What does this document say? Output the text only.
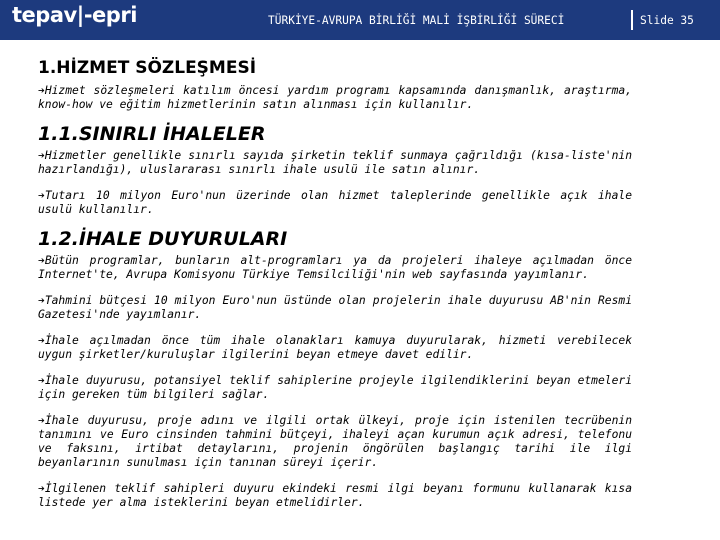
tepav|-epri	TÜRKİYE-AVRUPA BİRLİĞİ MALİ İŞBİRLİĞİ SÜRECİ	Slide 35
1.HİZMET SÖZLEŞMESİ

➔Hizmet sözleşmeleri katılım öncesi yardım programı kapsamında danışmanlık, araştırma, know-how ve eğitim hizmetlerinin satın alınması için kullanılır.

1.1.SINIRLI İHALELER

➔Hizmetler genellikle sınırlı sayıda şirketin teklif sunmaya çağrıldığı (kısa-liste'nin hazırlandığı), uluslararası sınırlı ihale usulü ile satın alınır.

➔Tutarı 10 milyon Euro'nun üzerinde olan hizmet taleplerinde genellikle açık ihale usulü kullanılır.

1.2.İHALE DUYURULARI

➔Bütün programlar, bunların alt-programları ya da projeleri ihaleye açılmadan önce Internet'te, Avrupa Komisyonu Türkiye Temsilciliği'nin web sayfasında yayımlanır.

➔Tahmini bütçesi 10 milyon Euro'nun üstünde olan projelerin ihale duyurusu AB'nin Resmi Gazetesi'nde yayımlanır.

➔İhale açılmadan önce tüm ihale olanakları kamuya duyurularak, hizmeti verebilecek uygun şirketler/kuruluşlar ilgilerini beyan etmeye davet edilir.

➔İhale duyurusu, potansiyel teklif sahiplerine projeyle ilgilendiklerini beyan etmeleri için gereken tüm bilgileri sağlar.

➔İhale duyurusu, proje adını ve ilgili ortak ülkeyi, proje için istenilen tecrübenin tanımını ve Euro cinsinden tahmini bütçeyi, ihaleyi açan kurumun açık adresi, telefonu ve faksını, irtibat detaylarını, projenin öngörülen başlangıç tarihi ile ilgi beyanlarının sunulması için tanınan süreyi içerir.

➔İlgilenen teklif sahipleri duyuru ekindeki resmi ilgi beyanı formunu kullanarak kısa listede yer alma isteklerini beyan etmelidirler.
